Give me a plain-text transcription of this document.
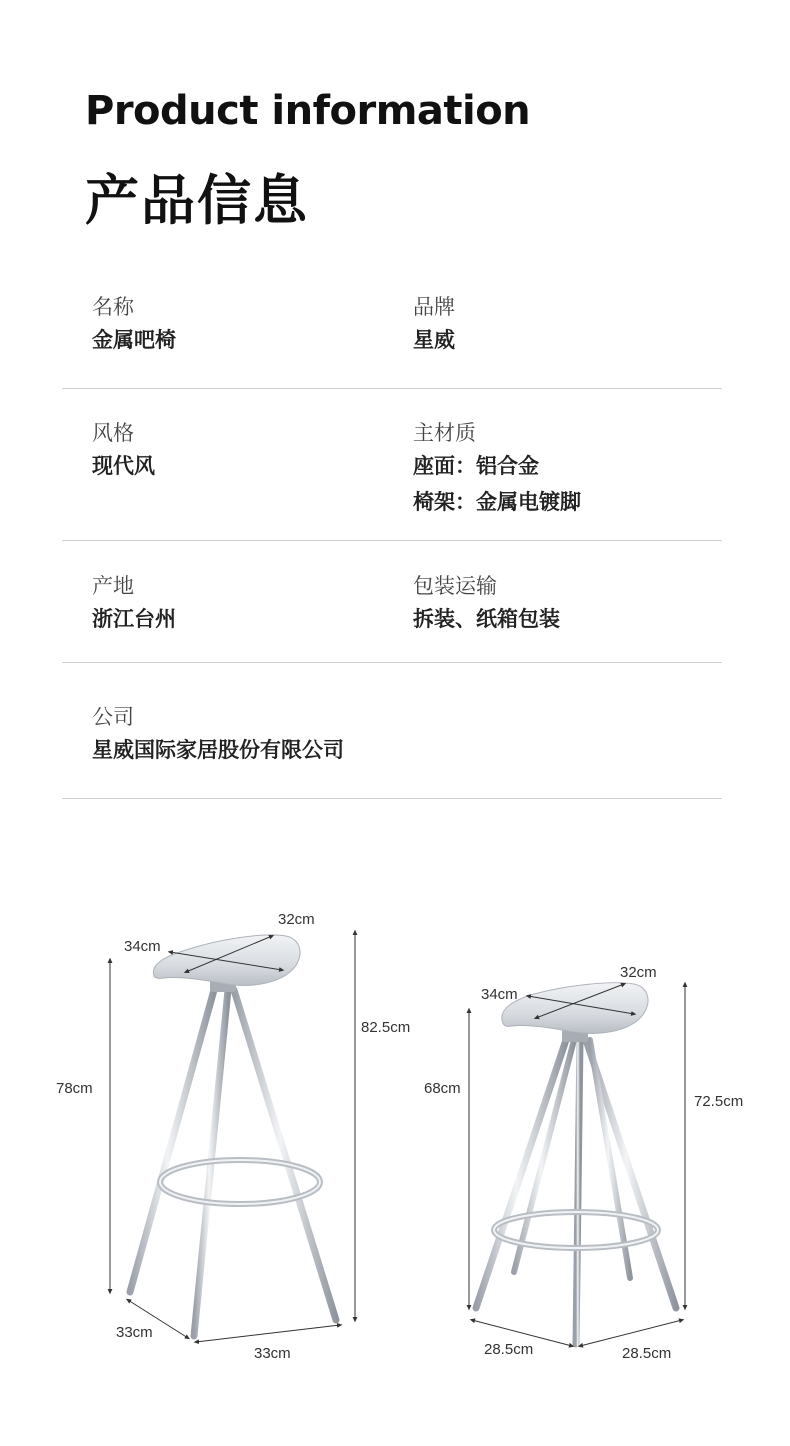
Product information
产品信息
名称
金属吧椅
品牌
星威
风格
现代风
主材质
座面：铝合金
椅架：金属电镀脚
产地
浙江台州
包装运输
拆装、纸箱包装
公司
星威国际家居股份有限公司
32cm
34cm
82.5cm
78cm
33cm
33cm
32cm
34cm
72.5cm
68cm
28.5cm	28.5cm
